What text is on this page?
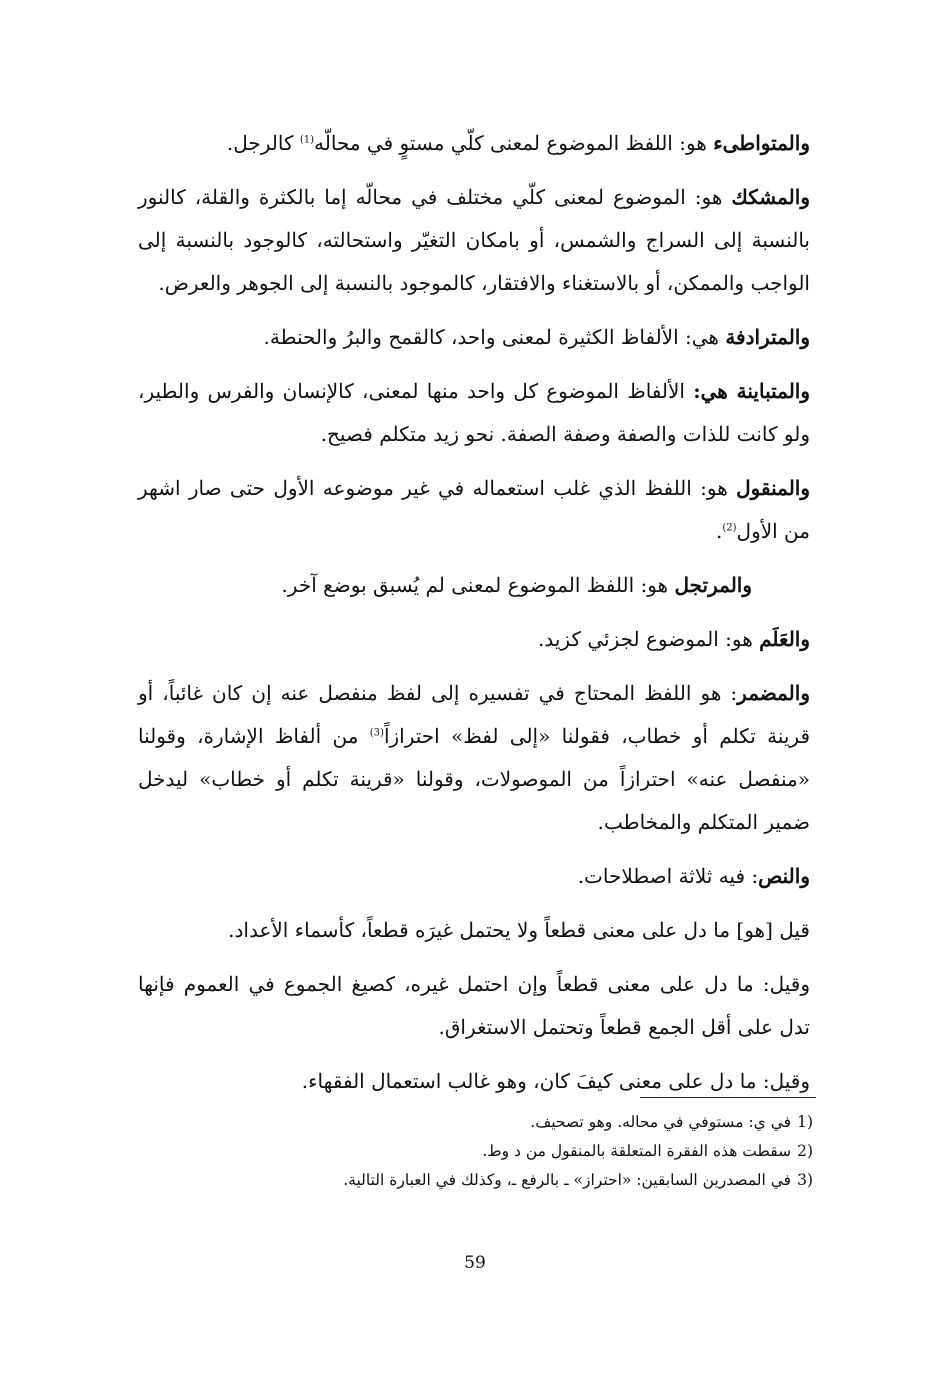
والمتواطىء هو: اللفظ الموضوع لمعنى كلّي مستوٍ في محالّه$^{(1)}$ كالرجل.

والمشكك هو: الموضوع لمعنى كلّي مختلف في محالّه إما بالكثرة والقلة، كالنور بالنسبة إلى السراج والشمس، أو بامكان التغيّر واستحالته، كالوجود بالنسبة إلى الواجب والممكن، أو بالاستغناء والافتقار، كالموجود بالنسبة إلى الجوهر والعرض.

والمترادفة هي: الألفاظ الكثيرة لمعنى واحد، كالقمح والبرُ والحنطة.

والمتباينة هي: الألفاظ الموضوع كل واحد منها لمعنى، كالإنسان والفرس والطير، ولو كانت للذات والصفة وصفة الصفة. نحو زيد متكلم فصيح.

والمنقول هو: اللفظ الذي غلب استعماله في غير موضوعه الأول حتى صار اشهر من الأول$^{(2)}$.

والمرتجل هو: اللفظ الموضوع لمعنى لم يُسبق بوضع آخر.

والعَلَم هو: الموضوع لجزئي كزيد.

والمضمر: هو اللفظ المحتاج في تفسيره إلى لفظ منفصل عنه إن كان غائباً، أو قرينة تكلم أو خطاب، فقولنا «إلى لفظ» احترازاً$^{(3)}$ من ألفاظ الإشارة، وقولنا «منفصل عنه» احترازاً من الموصولات، وقولنا «قرينة تكلم أو خطاب» ليدخل ضمير المتكلم والمخاطب.

والنص: فيه ثلاثة اصطلاحات.

قيل [هو] ما دل على معنى قطعاً ولا يحتمل غيرَه قطعاً، كأسماء الأعداد.

وقيل: ما دل على معنى قطعاً وإن احتمل غيره، كصيغ الجموع في العموم فإنها تدل على أقل الجمع قطعاً وتحتمل الاستغراق.

وقيل: ما دل على معنى كيفَ كان، وهو غالب استعمال الفقهاء.

1)
في ي: مستوفي في محاله. وهو تصحيف.
2)
سقطت هذه الفقرة المتعلقة بالمنقول من د وط.
3)
في المصدرين السابقين: «احتراز» ـ بالرفع ـ، وكذلك في العبارة التالية.
59
